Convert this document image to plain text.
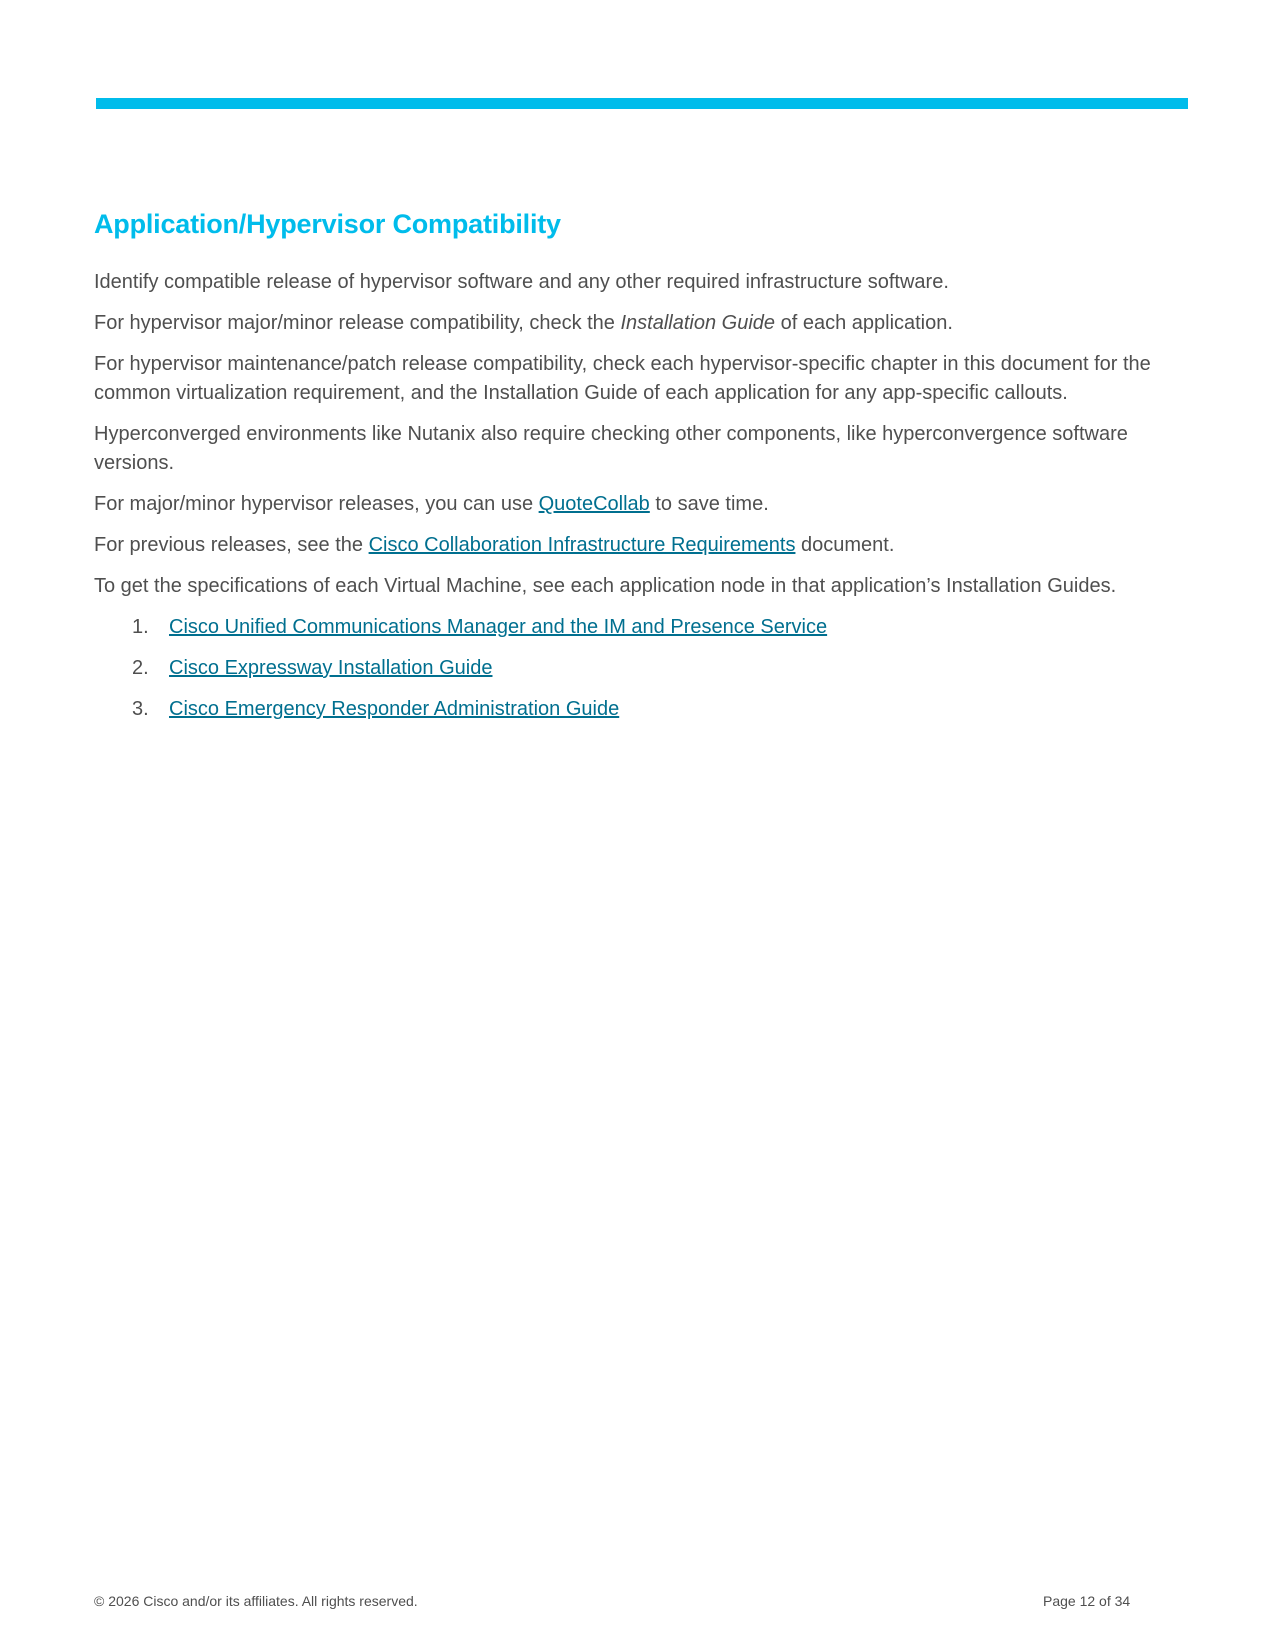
Application/Hypervisor Compatibility

Identify compatible release of hypervisor software and any other required infrastructure software.

For hypervisor major/minor release compatibility, check the Installation Guide of each application.

For hypervisor maintenance/patch release compatibility, check each hypervisor-specific chapter in this document for the common virtualization requirement, and the Installation Guide of each application for any app-specific callouts.

Hyperconverged environments like Nutanix also require checking other components, like hyperconvergence software versions.

For major/minor hypervisor releases, you can use QuoteCollab to save time.

For previous releases, see the Cisco Collaboration Infrastructure Requirements document.

To get the specifications of each Virtual Machine, see each application node in that application’s Installation Guides.

1. Cisco Unified Communications Manager and the IM and Presence Service
2. Cisco Expressway Installation Guide
3. Cisco Emergency Responder Administration Guide
© 2026 Cisco and/or its affiliates. All rights reserved.	Page 12 of 34
